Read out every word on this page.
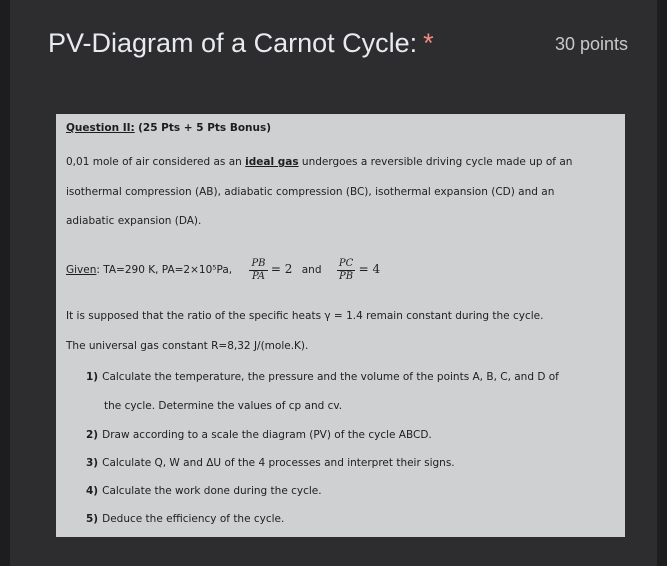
PV-Diagram of a Carnot Cycle: *	30 points
Question II: (25 Pts + 5 Pts Bonus)
0,01 mole of air considered as an ideal gas undergoes a reversible driving cycle made up of an
isothermal compression (AB), adiabatic compression (BC), isothermal expansion (CD) and an
adiabatic expansion (DA).
Given: TA=290 K, PA=2×10⁵Pa, $\frac{PB}{PA} = 2$ and $\frac{PC}{PB} = 4$
It is supposed that the ratio of the specific heats γ = 1.4 remain constant during the cycle.
The universal gas constant R=8,32 J/(mole.K).
1) Calculate the temperature, the pressure and the volume of the points A, B, C, and D of
the cycle. Determine the values of cp and cv.
2) Draw according to a scale the diagram (PV) of the cycle ABCD.
3) Calculate Q, W and ΔU of the 4 processes and interpret their signs.
4) Calculate the work done during the cycle.
5) Deduce the efficiency of the cycle.
